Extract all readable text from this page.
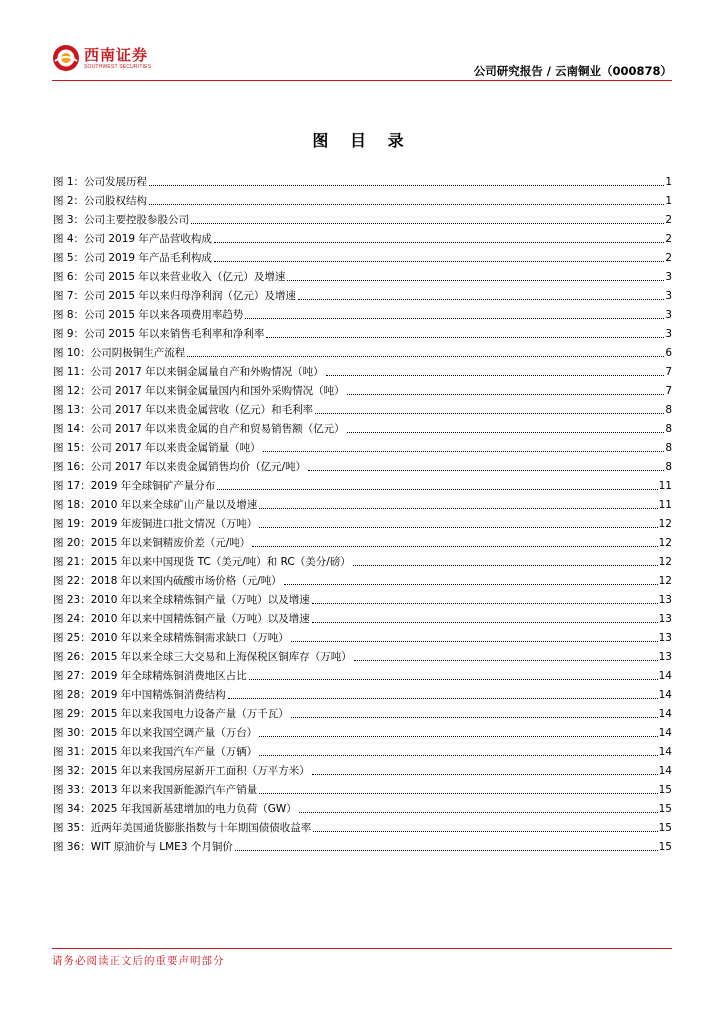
西南证券
SOUTHWEST SECURITIES	公司研究报告 / 云南铜业（000878）
图 目 录
图 1：公司发展历程	1
图 2：公司股权结构	1
图 3：公司主要控股参股公司	2
图 4：公司 2019 年产品营收构成	2
图 5：公司 2019 年产品毛利构成	2
图 6：公司 2015 年以来营业收入（亿元）及增速	3
图 7：公司 2015 年以来归母净利润（亿元）及增速	3
图 8：公司 2015 年以来各项费用率趋势	3
图 9：公司 2015 年以来销售毛利率和净利率	3
图 10：公司阴极铜生产流程	6
图 11：公司 2017 年以来铜金属量自产和外购情况（吨）	7
图 12：公司 2017 年以来铜金属量国内和国外采购情况（吨）	7
图 13：公司 2017 年以来贵金属营收（亿元）和毛利率	8
图 14：公司 2017 年以来贵金属的自产和贸易销售额（亿元）	8
图 15：公司 2017 年以来贵金属销量（吨）	8
图 16：公司 2017 年以来贵金属销售均价（亿元/吨）	8
图 17：2019 年全球铜矿产量分布	11
图 18：2010 年以来全球矿山产量以及增速	11
图 19：2019 年废铜进口批文情况（万吨）	12
图 20：2015 年以来铜精废价差（元/吨）	12
图 21：2015 年以来中国现货 TC（美元/吨）和 RC（美分/磅）	12
图 22：2018 年以来国内硫酸市场价格（元/吨）	12
图 23：2010 年以来全球精炼铜产量（万吨）以及增速	13
图 24：2010 年以来中国精炼铜产量（万吨）以及增速	13
图 25：2010 年以来全球精炼铜需求缺口（万吨）	13
图 26：2015 年以来全球三大交易和上海保税区铜库存（万吨）	13
图 27：2019 年全球精炼铜消费地区占比	14
图 28：2019 年中国精炼铜消费结构	14
图 29：2015 年以来我国电力设备产量（万千瓦）	14
图 30：2015 年以来我国空调产量（万台）	14
图 31：2015 年以来我国汽车产量（万辆）	14
图 32：2015 年以来我国房屋新开工面积（万平方米）	14
图 33：2013 年以来我国新能源汽车产销量	15
图 34：2025 年我国新基建增加的电力负荷（GW）	15
图 35：近两年美国通货膨胀指数与十年期国债债收益率	15
图 36：WIT 原油价与 LME3 个月铜价	15
请务必阅读正文后的重要声明部分
